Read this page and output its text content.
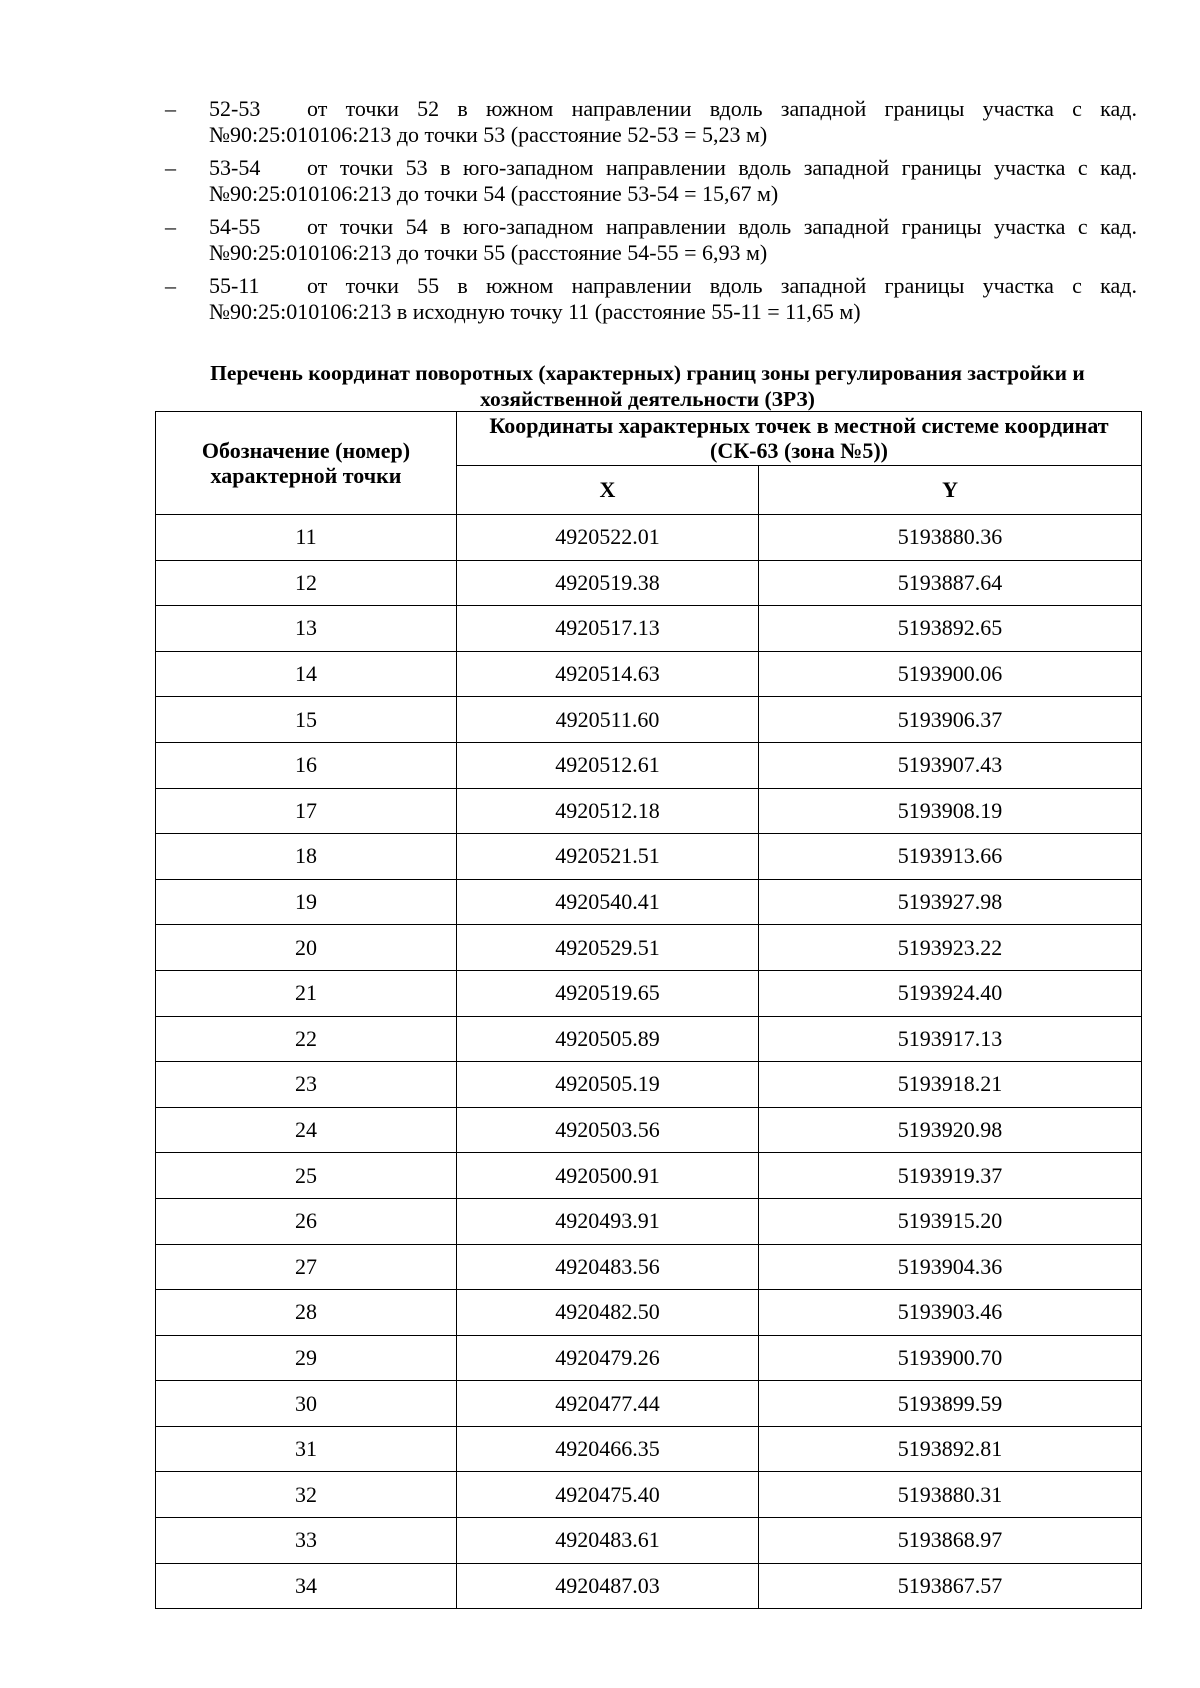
–	52-53 от точки 52 в южном направлении вдоль западной границы участка с кад. №90:25:010106:213 до точки 53 (расстояние 52-53 = 5,23 м)
–	53-54 от точки 53 в юго-западном направлении вдоль западной границы участка с кад. №90:25:010106:213 до точки 54 (расстояние 53-54 = 15,67 м)
–	54-55 от точки 54 в юго-западном направлении вдоль западной границы участка с кад. №90:25:010106:213 до точки 55 (расстояние 54-55 = 6,93 м)
–	55-11 от точки 55 в южном направлении вдоль западной границы участка с кад. №90:25:010106:213 в исходную точку 11 (расстояние 55-11 = 11,65 м)
Перечень координат поворотных (характерных) границ зоны регулирования застройки и хозяйственной деятельности (ЗРЗ)
Обозначение (номер) характерной точки	Координаты характерных точек в местной системе координат (СК-63 (зона №5))	
	X	Y
11	4920522.01	5193880.36
12	4920519.38	5193887.64
13	4920517.13	5193892.65
14	4920514.63	5193900.06
15	4920511.60	5193906.37
16	4920512.61	5193907.43
17	4920512.18	5193908.19
18	4920521.51	5193913.66
19	4920540.41	5193927.98
20	4920529.51	5193923.22
21	4920519.65	5193924.40
22	4920505.89	5193917.13
23	4920505.19	5193918.21
24	4920503.56	5193920.98
25	4920500.91	5193919.37
26	4920493.91	5193915.20
27	4920483.56	5193904.36
28	4920482.50	5193903.46
29	4920479.26	5193900.70
30	4920477.44	5193899.59
31	4920466.35	5193892.81
32	4920475.40	5193880.31
33	4920483.61	5193868.97
34	4920487.03	5193867.57
